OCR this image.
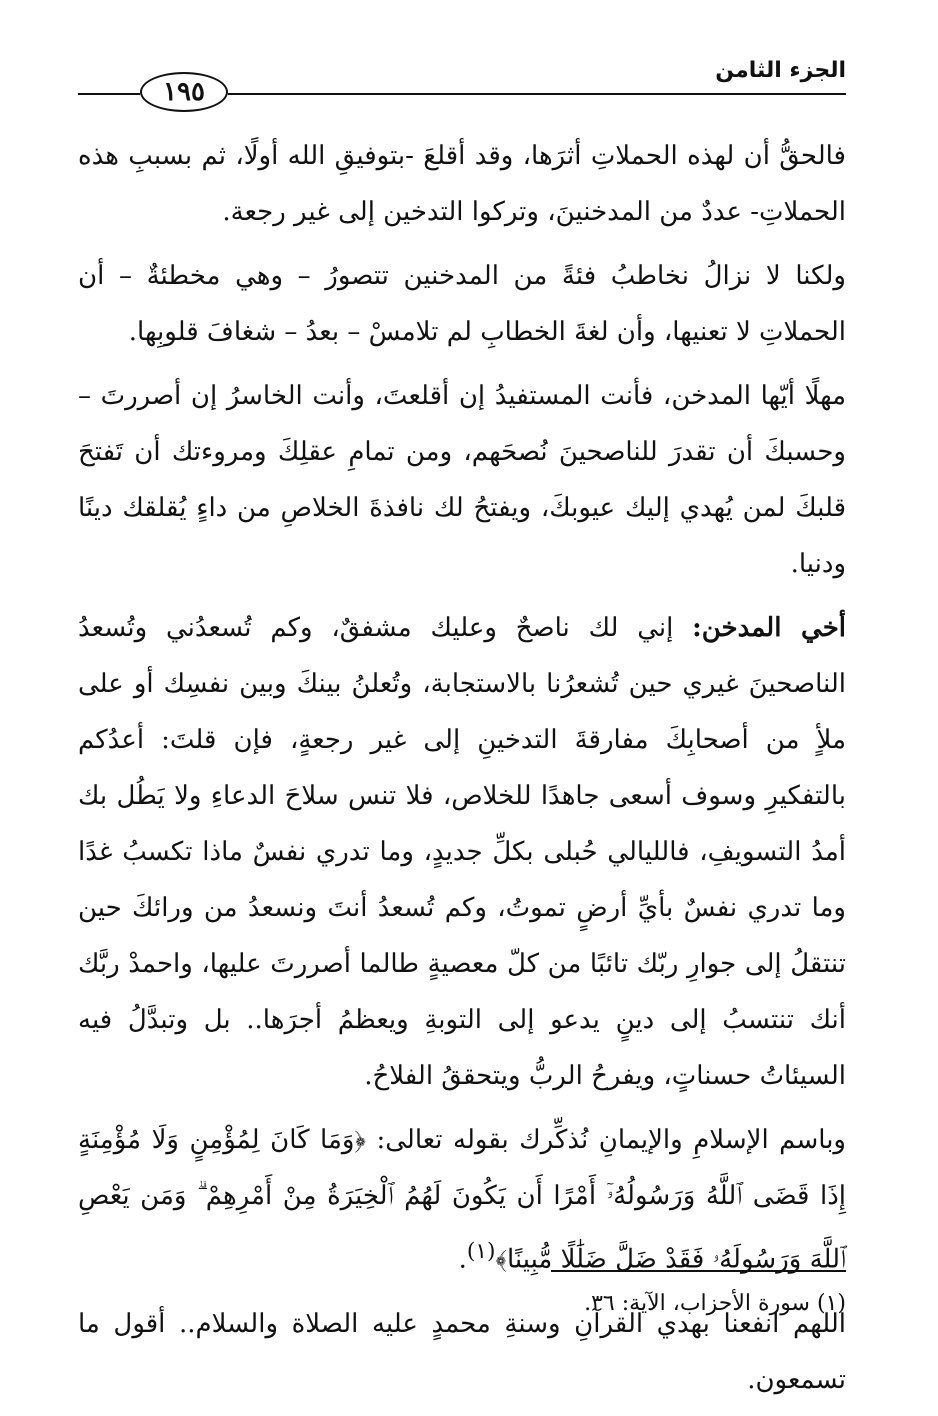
الجزء الثامن
١٩٥

فالحقُّ أن لهذه الحملاتِ أثرَها، وقد أقلعَ -بتوفيقِ الله أولًا، ثم بسببِ هذه الحملاتِ- عددٌ من المدخنينَ، وتركوا التدخين إلى غير رجعة.

ولكنا لا نزالُ نخاطبُ فئةً من المدخنين تتصورُ – وهي مخطئةٌ – أن الحملاتِ لا تعنيها، وأن لغةَ الخطابِ لم تلامسْ – بعدُ – شغافَ قلوبِها.

مهلًا أيّها المدخن، فأنت المستفيدُ إن أقلعتَ، وأنت الخاسرُ إن أصررتَ – وحسبكَ أن تقدرَ للناصحينَ نُصحَهم، ومن تمامِ عقلِكَ ومروءتك أن تَفتحَ قلبكَ لمن يُهدي إليك عيوبكَ، ويفتحُ لك نافذةَ الخلاصِ من داءٍ يُقلقك دينًا ودنيا.

أخي المدخن: إني لك ناصحٌ وعليك مشفقٌ، وكم تُسعدُني وتُسعدُ الناصحينَ غيري حين تُشعرُنا بالاستجابة، وتُعلنُ بينكَ وبين نفسِك أو على ملأٍ من أصحابِكَ مفارقةَ التدخينِ إلى غير رجعةٍ، فإن قلتَ: أعدُكم بالتفكيرِ وسوف أسعى جاهدًا للخلاص، فلا تنس سلاحَ الدعاءِ ولا يَطُل بك أمدُ التسويفِ، فالليالي حُبلى بكلِّ جديدٍ، وما تدري نفسٌ ماذا تكسبُ غدًا وما تدري نفسٌ بأيِّ أرضٍ تموتُ، وكم تُسعدُ أنتَ ونسعدُ من ورائكَ حين تنتقلُ إلى جوارِ ربّك تائبًا من كلّ معصيةٍ طالما أصررتَ عليها، واحمدْ ربَّك أنك تنتسبُ إلى دينٍ يدعو إلى التوبةِ ويعظمُ أجرَها.. بل وتبدَّلُ فيه السيئاتُ حسناتٍ، ويفرحُ الربُّ ويتحققُ الفلاحُ.

وباسم الإسلامِ والإيمانِ نُذكِّرك بقوله تعالى: ﴿وَمَا كَانَ لِمُؤْمِنٍ وَلَا مُؤْمِنَةٍ إِذَا قَضَى ٱللَّهُ وَرَسُولُهُۥٓ أَمْرًا أَن يَكُونَ لَهُمُ ٱلْخِيَرَةُ مِنْ أَمْرِهِمْ ۗ وَمَن يَعْصِ ٱللَّهَ وَرَسُولَهُۥ فَقَدْ ضَلَّ ضَلَٰلًا مُّبِينًا﴾$^{(١)}$.

اللهم انفعنا بهدي القرآنِ وسنةِ محمدٍ عليه الصلاة والسلام.. أقول ما تسمعون.

(١) سورة الأحزاب، الآية: ٣٦.
